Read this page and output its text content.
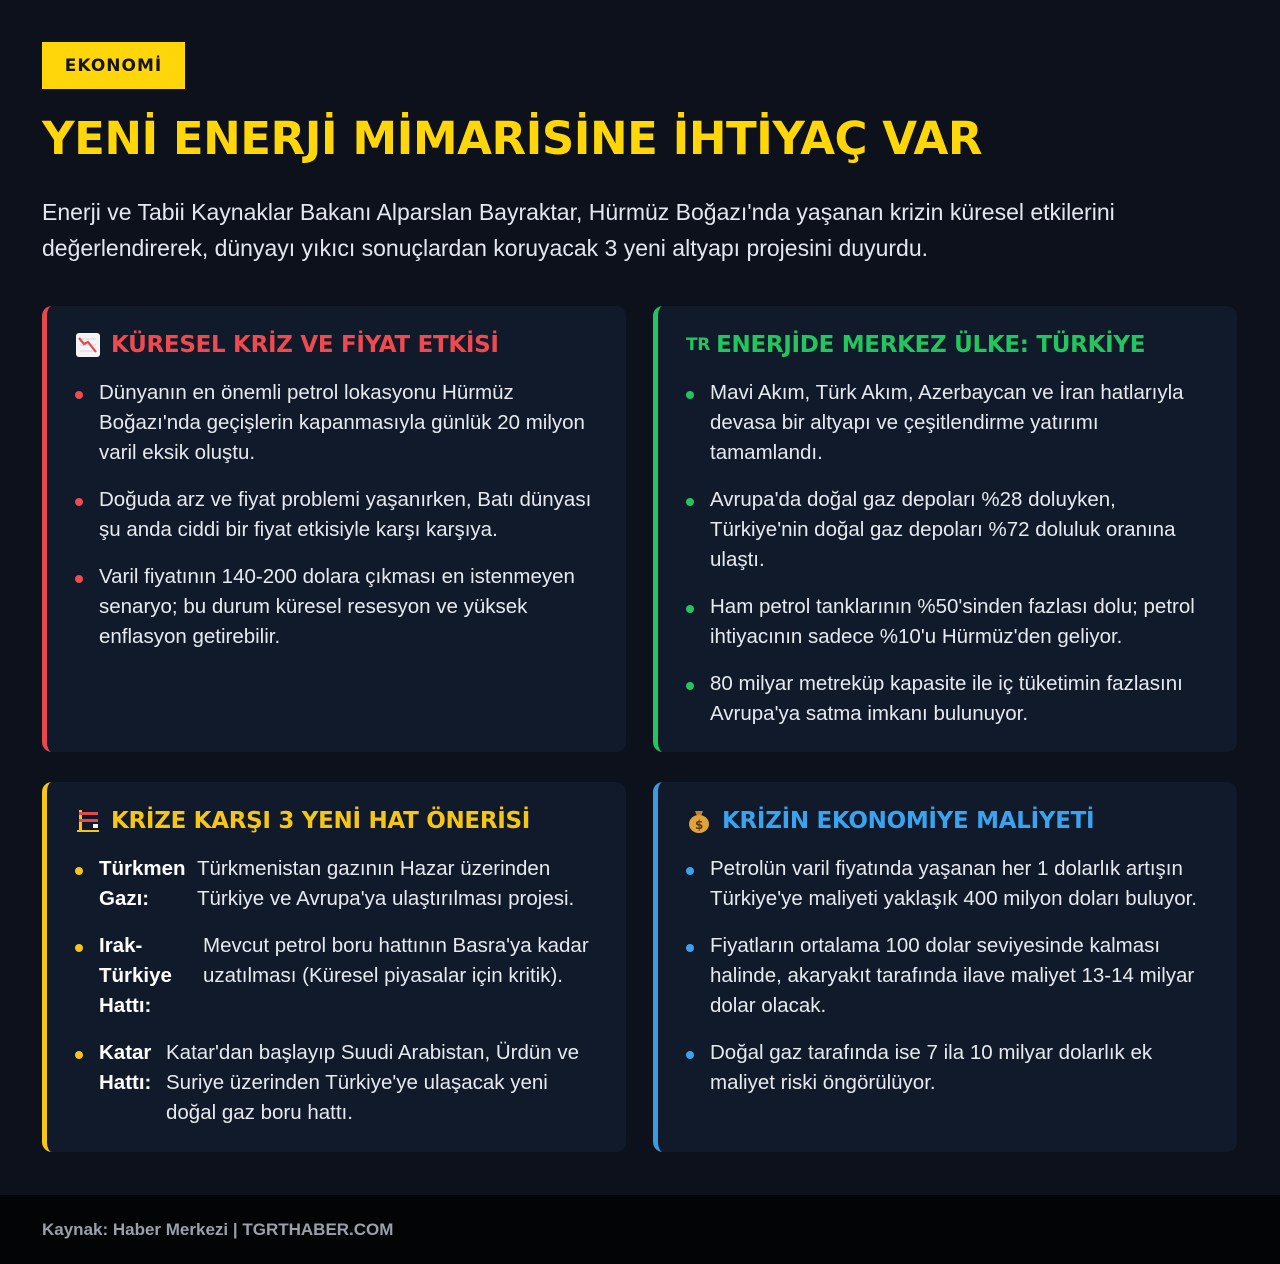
EKONOMİ
YENİ ENERJİ MİMARİSİNE İHTİYAÇ VAR

Enerji ve Tabii Kaynaklar Bakanı Alparslan Bayraktar, Hürmüz Boğazı'nda yaşanan krizin küresel etkilerini değerlendirerek, dünyayı yıkıcı sonuçlardan koruyacak 3 yeni altyapı projesini duyurdu.

KÜRESEL KRİZ VE FİYAT ETKİSİ
Dünyanın en önemli petrol lokasyonu Hürmüz Boğazı'nda geçişlerin kapanmasıyla günlük 20 milyon varil eksik oluştu.
Doğuda arz ve fiyat problemi yaşanırken, Batı dünyası şu anda ciddi bir fiyat etkisiyle karşı karşıya.
Varil fiyatının 140-200 dolara çıkması en istenmeyen senaryo; bu durum küresel resesyon ve yüksek enflasyon getirebilir.
TR ENERJİDE MERKEZ ÜLKE: TÜRKİYE
Mavi Akım, Türk Akım, Azerbaycan ve İran hatlarıyla devasa bir altyapı ve çeşitlendirme yatırımı tamamlandı.
Avrupa'da doğal gaz depoları %28 doluyken, Türkiye'nin doğal gaz depoları %72 doluluk oranına ulaştı.
Ham petrol tanklarının %50'sinden fazlası dolu; petrol ihtiyacının sadece %10'u Hürmüz'den geliyor.
80 milyar metreküp kapasite ile iç tüketimin fazlasını Avrupa'ya satma imkanı bulunuyor.
KRİZE KARŞI 3 YENİ HAT ÖNERİSİ
Türkmen Gazı:
Türkmenistan gazının Hazar üzerinden Türkiye ve Avrupa'ya ulaştırılması projesi.
Irak-Türkiye Hattı:
Mevcut petrol boru hattının Basra'ya kadar uzatılması (Küresel piyasalar için kritik).
Katar Hattı:
Katar'dan başlayıp Suudi Arabistan, Ürdün ve Suriye üzerinden Türkiye'ye ulaşacak yeni doğal gaz boru hattı.
$ KRİZİN EKONOMİYE MALİYETİ
Petrolün varil fiyatında yaşanan her 1 dolarlık artışın Türkiye'ye maliyeti yaklaşık 400 milyon doları buluyor.
Fiyatların ortalama 100 dolar seviyesinde kalması halinde, akaryakıt tarafında ilave maliyet 13-14 milyar dolar olacak.
Doğal gaz tarafında ise 7 ila 10 milyar dolarlık ek maliyet riski öngörülüyor.
Kaynak: Haber Merkezi | TGRTHABER.COM
